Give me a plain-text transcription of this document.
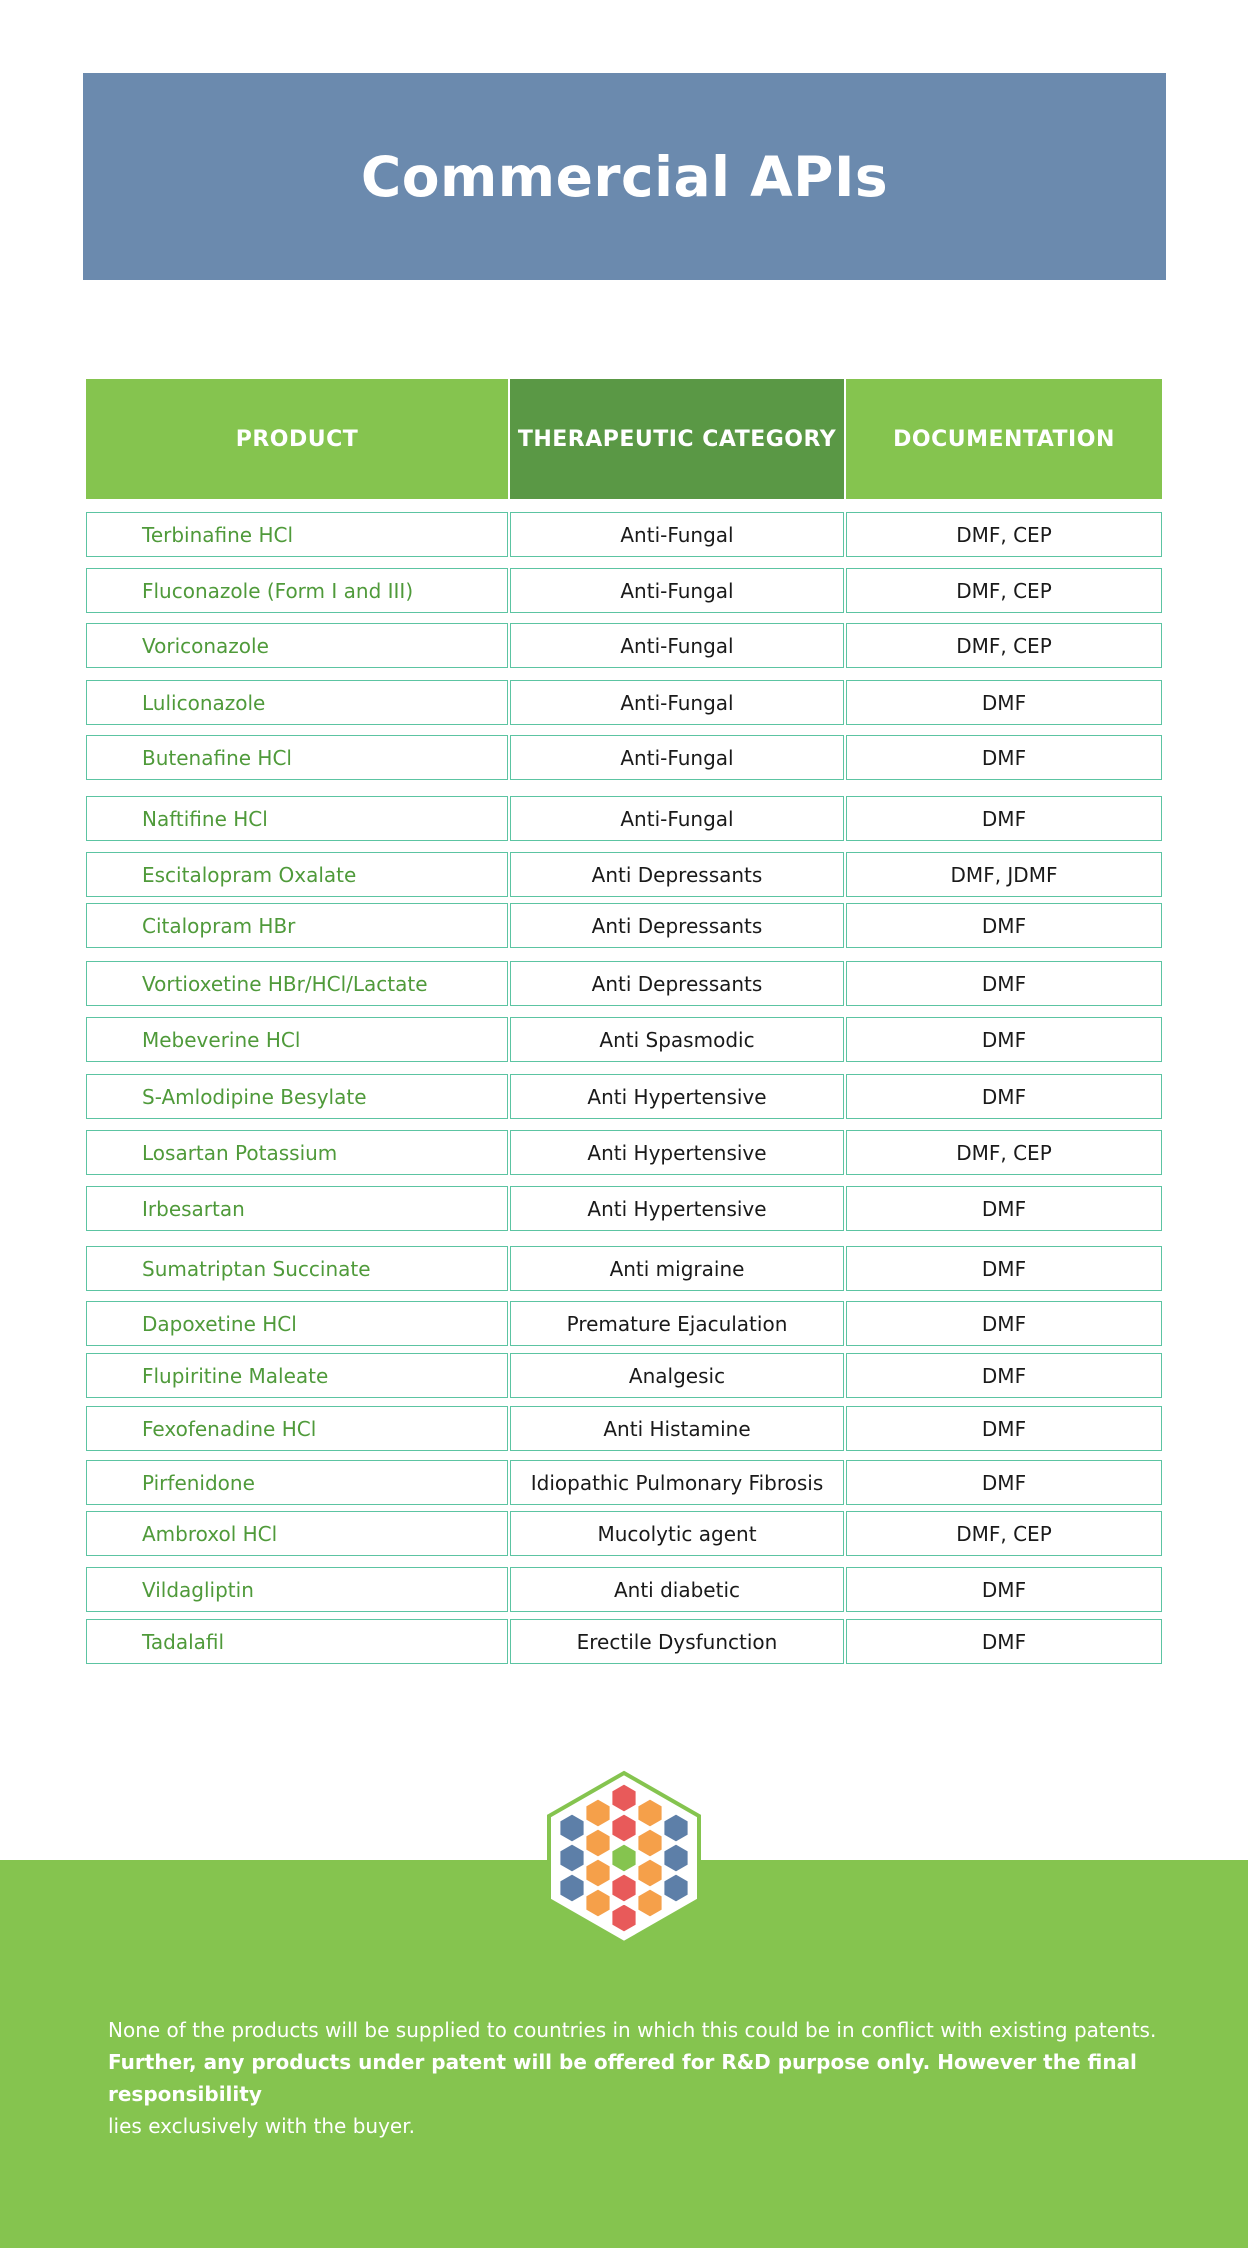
Commercial APIs
PRODUCT	THERAPEUTIC CATEGORY	DOCUMENTATION
Terbinafine HCl	Anti-Fungal	DMF, CEP
Fluconazole (Form I and III)	Anti-Fungal	DMF, CEP
Voriconazole	Anti-Fungal	DMF, CEP
Luliconazole	Anti-Fungal	DMF
Butenafine HCl	Anti-Fungal	DMF
Naftifine HCl	Anti-Fungal	DMF
Escitalopram Oxalate	Anti Depressants	DMF, JDMF
Citalopram HBr	Anti Depressants	DMF
Vortioxetine HBr/HCl/Lactate	Anti Depressants	DMF
Mebeverine HCl	Anti Spasmodic	DMF
S-Amlodipine Besylate	Anti Hypertensive	DMF
Losartan Potassium	Anti Hypertensive	DMF, CEP
Irbesartan	Anti Hypertensive	DMF
Sumatriptan Succinate	Anti migraine	DMF
Dapoxetine HCl	Premature Ejaculation	DMF
Flupiritine Maleate	Analgesic	DMF
Fexofenadine HCl	Anti Histamine	DMF
Pirfenidone	Idiopathic Pulmonary Fibrosis	DMF
Ambroxol HCl	Mucolytic agent	DMF, CEP
Vildagliptin	Anti diabetic	DMF
Tadalafil	Erectile Dysfunction	DMF

None of the products will be supplied to countries in which this could be in conflict with existing patents.

Further, any products under patent will be offered for R&D purpose only. However the final responsibility

lies exclusively with the buyer.
